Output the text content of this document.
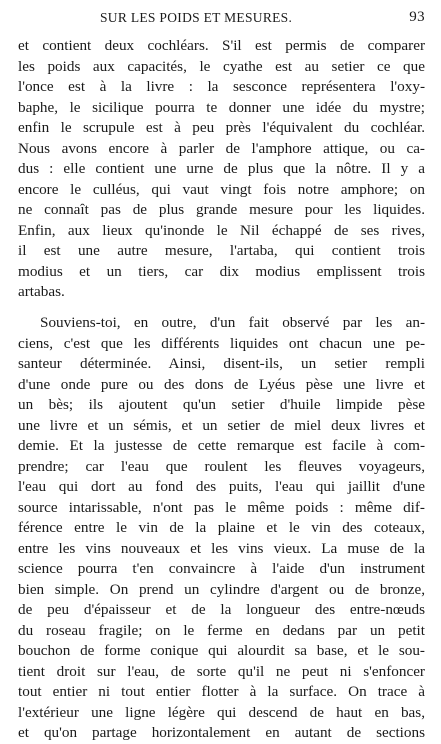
SUR LES POIDS ET MESURES.	93

et contient deux cochléars. S'il est permis de comparer
les poids aux capacités, le cyathe est au setier ce que
l'once est à la livre : la sesconce représentera l'oxy-
baphe, le sicilique pourra te donner une idée du mystre;
enfin le scrupule est à peu près l'équivalent du cochléar.
Nous avons encore à parler de l'amphore attique, ou ca-
dus : elle contient une urne de plus que la nôtre. Il y a
encore le culléus, qui vaut vingt fois notre amphore; on
ne connaît pas de plus grande mesure pour les liquides.
Enfin, aux lieux qu'inonde le Nil échappé de ses rives,
il est une autre mesure, l'artaba, qui contient trois
modius et un tiers, car dix modius emplissent trois
artabas.

Souviens-toi, en outre, d'un fait observé par les an-
ciens, c'est que les différents liquides ont chacun une pe-
santeur déterminée. Ainsi, disent-ils, un setier rempli
d'une onde pure ou des dons de Lyéus pèse une livre et
un bès; ils ajoutent qu'un setier d'huile limpide pèse
une livre et un sémis, et un setier de miel deux livres et
demie. Et la justesse de cette remarque est facile à com-
prendre; car l'eau que roulent les fleuves voyageurs,
l'eau qui dort au fond des puits, l'eau qui jaillit d'une
source intarissable, n'ont pas le même poids : même dif-
férence entre le vin de la plaine et le vin des coteaux,
entre les vins nouveaux et les vins vieux. La muse de la
science pourra t'en convaincre à l'aide d'un instrument
bien simple. On prend un cylindre d'argent ou de bronze,
de peu d'épaisseur et de la longueur des entre-nœuds
du roseau fragile; on le ferme en dedans par un petit
bouchon de forme conique qui alourdit sa base, et le sou-
tient droit sur l'eau, de sorte qu'il ne peut ni s'enfoncer
tout entier ni tout entier flotter à la surface. On trace à
l'extérieur une ligne légère qui descend de haut en bas,
et qu'on partage horizontalement en autant de sections
